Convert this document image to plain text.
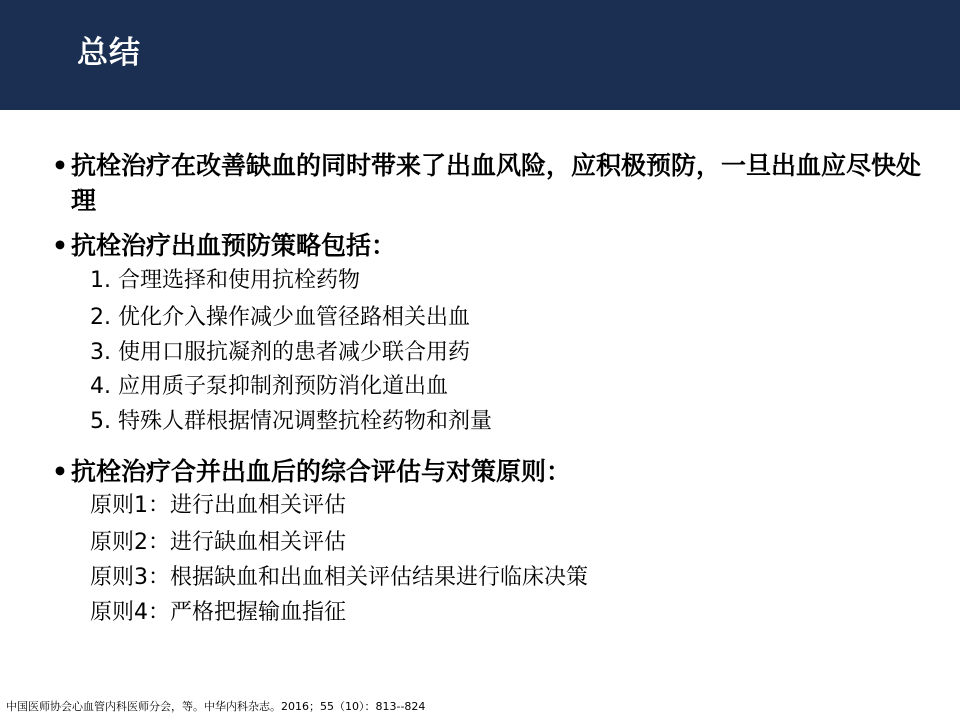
总结
• 抗栓治疗在改善缺血的同时带来了出血风险，应积极预防，一旦出血应尽快处理
• 抗栓治疗出血预防策略包括：
1. 合理选择和使用抗栓药物
2. 优化介入操作减少血管径路相关出血
3. 使用口服抗凝剂的患者减少联合用药
4. 应用质子泵抑制剂预防消化道出血
5. 特殊人群根据情况调整抗栓药物和剂量
• 抗栓治疗合并出血后的综合评估与对策原则：
原则1：进行出血相关评估
原则2：进行缺血相关评估
原则3：根据缺血和出血相关评估结果进行临床决策
原则4：严格把握输血指征
中国医师协会心血管内科医师分会，等。中华内科杂志。2016；55（10）：813--824
